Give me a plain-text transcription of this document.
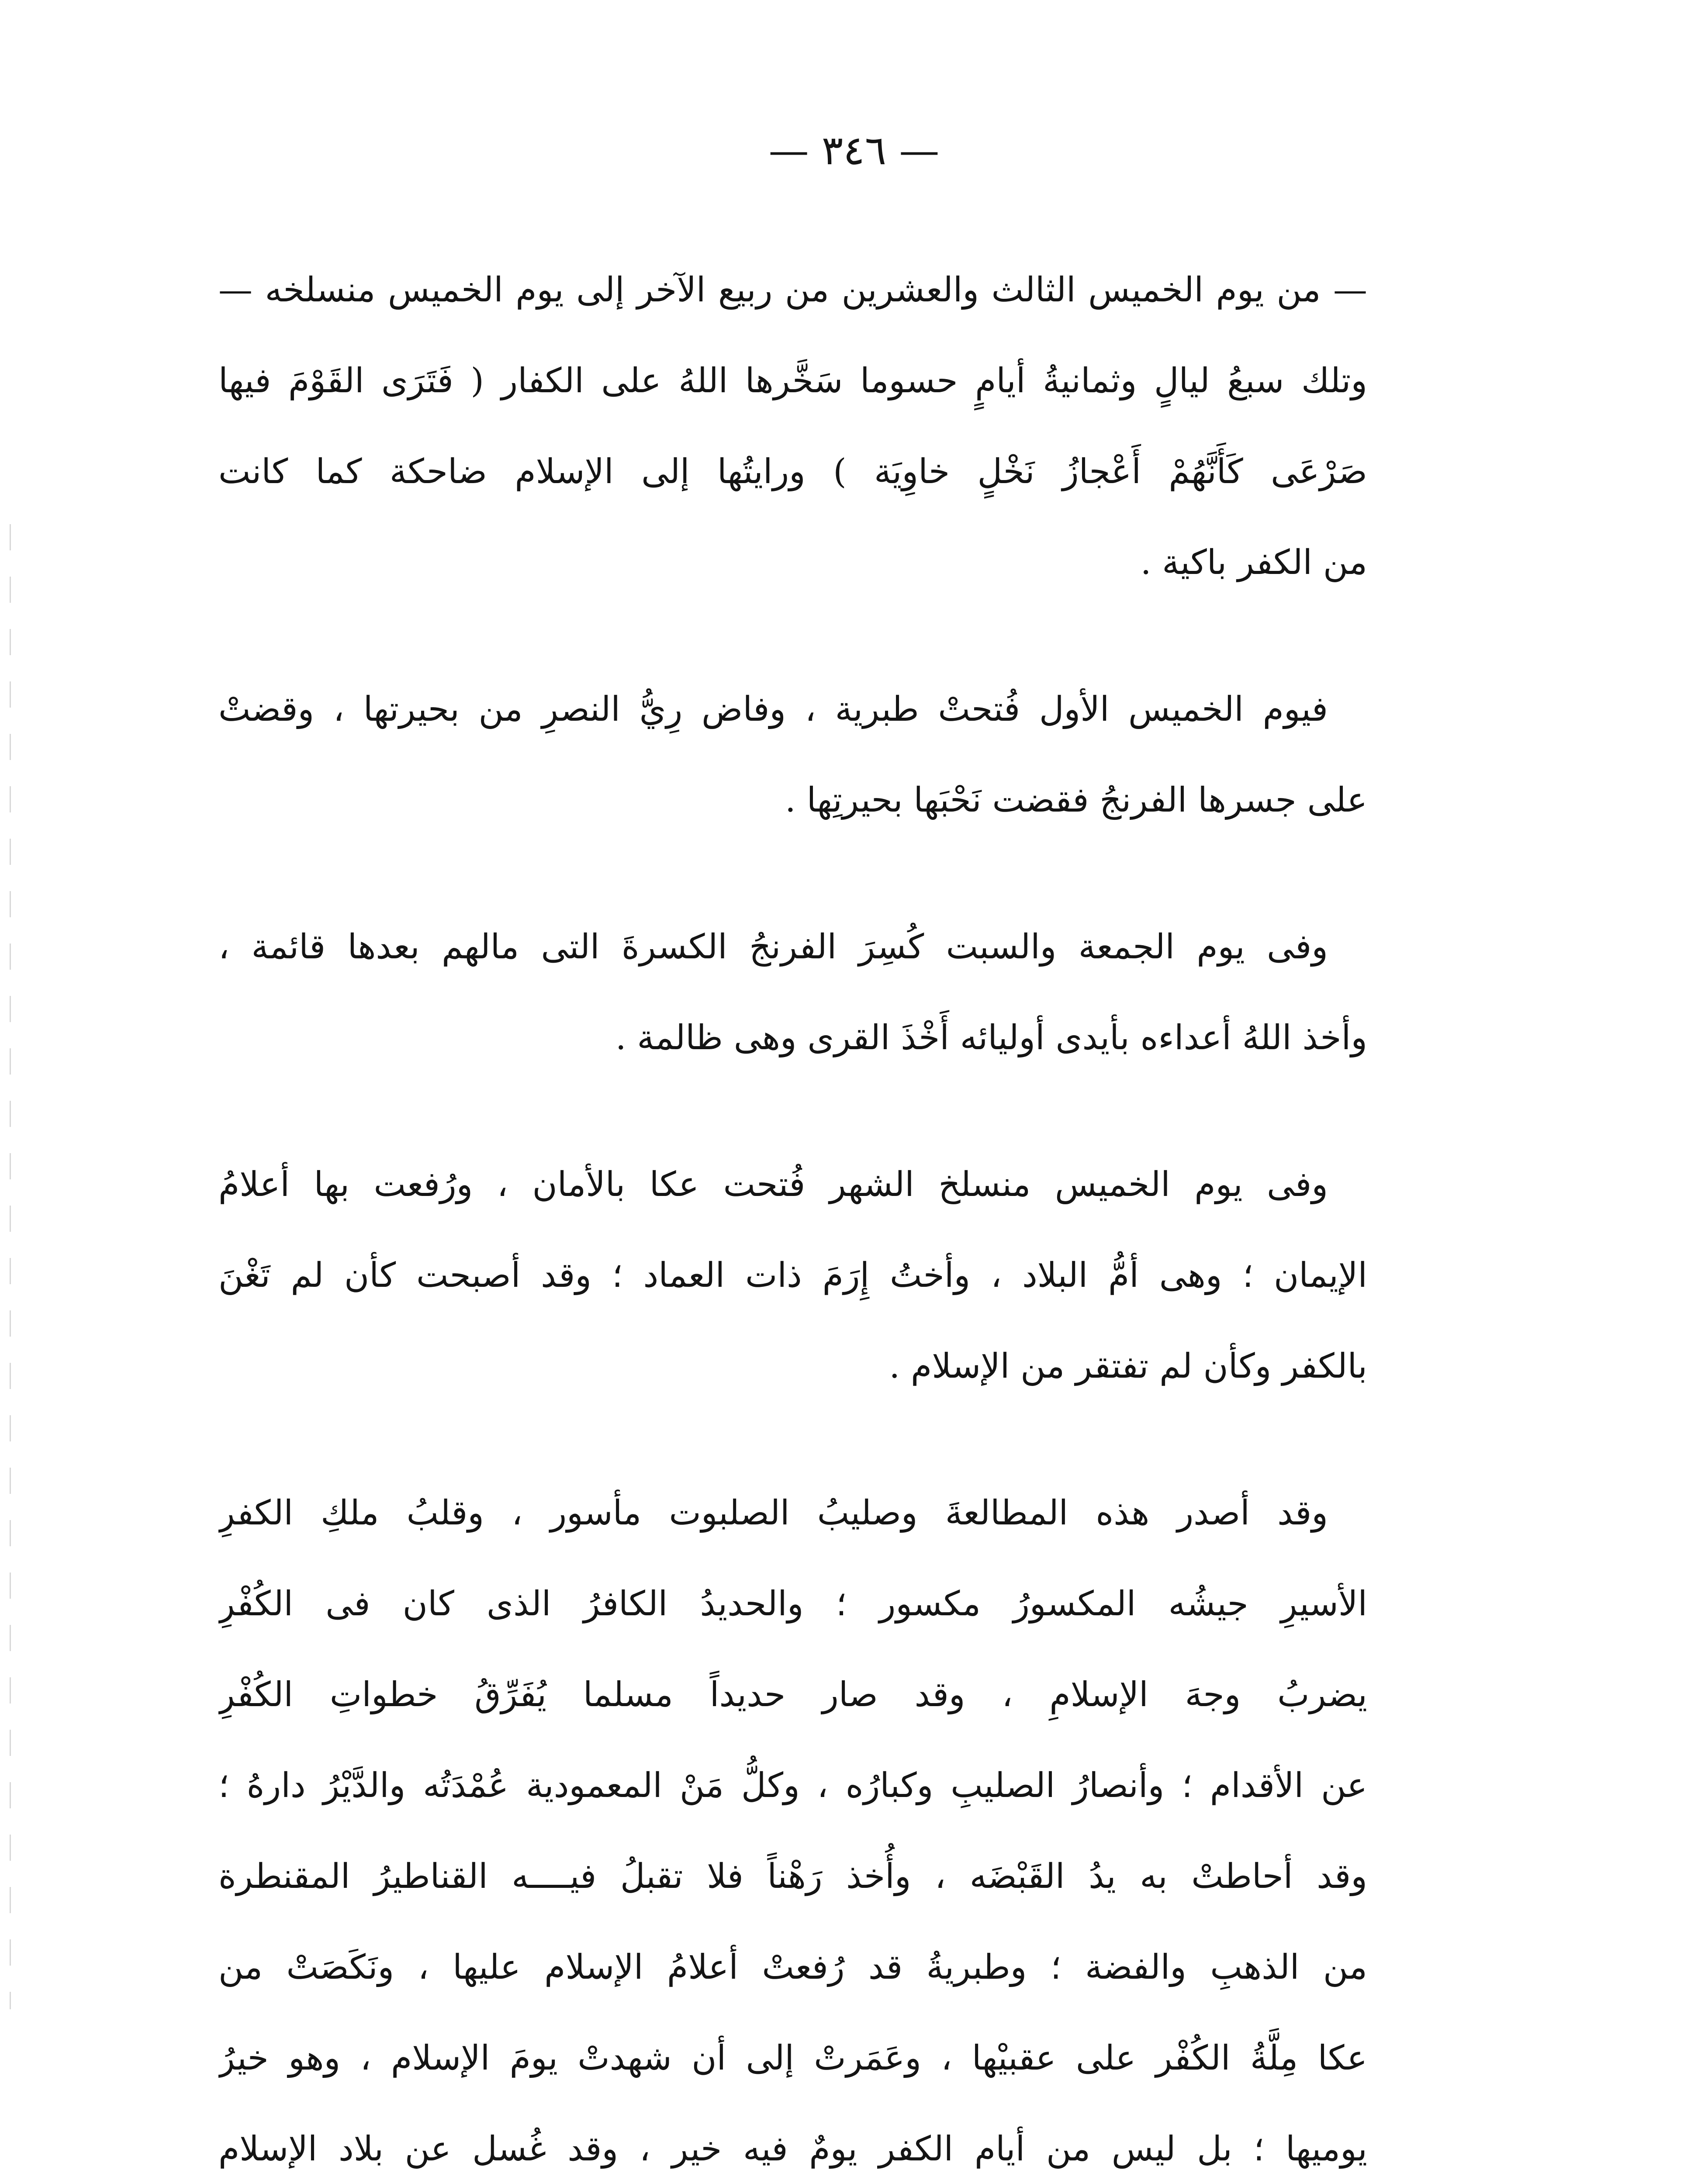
— ٣٤٦ —
— من يوم الخميس الثالث والعشرين من ربيع الآخر إلى يوم الخميس منسلخه —
وتلك سبعُ ليالٍ وثمانيةُ أيامٍ حسوما سَخَّرها اللهُ على الكفار ( فَتَرَى القَوْمَ فيها
صَرْعَى كَأَنَّهُمْ أَعْجازُ نَخْلٍ خاوِيَة ) ورايتُها إلى الإسلام ضاحكة كما كانت
من الكفر باكية .
فيوم الخميس الأول فُتحتْ طبرية ، وفاض رِيُّ النصرِ من بحيرتها ، وقضتْ
على جسرها الفرنجُ فقضت نَحْبَها بحيرتِها .
وفى يوم الجمعة والسبت كُسِرَ الفرنجُ الكسرةَ التى مالهم بعدها قائمة ،
وأخذ اللهُ أعداءه بأيدى أوليائه أَخْذَ القرى وهى ظالمة .
وفى يوم الخميس منسلخ الشهر فُتحت عكا بالأمان ، ورُفعت بها أعلامُ
الإيمان ؛ وهى أمُّ البلاد ، وأختُ إِرَمَ ذات العماد ؛ وقد أصبحت كأن لم تَغْنَ
بالكفر وكأن لم تفتقر من الإسلام .
وقد أصدر هذه المطالعةَ وصليبُ الصلبوت مأسور ، وقلبُ ملكِ الكفرِ
الأسيرِ جيشُه المكسورُ مكسور ؛ والحديدُ الكافرُ الذى كان فى الكُفْرِ
يضربُ وجهَ الإسلامِ ، وقد صار حديداً مسلما يُفَرِّقُ خطواتِ الكُفْرِ
عن الأقدام ؛ وأنصارُ الصليبِ وكبارُه ، وكلُّ مَنْ المعمودية عُمْدَتُه والدَّيْرُ دارهُ ؛
وقد أحاطتْ به يدُ القَبْضَه ، وأُخذ رَهْناً فلا تقبلُ فيــــه القناطيرُ المقنطرة
من الذهبِ والفضة ؛ وطبريةُ قد رُفعتْ أعلامُ الإسلام عليها ، ونَكَصَتْ من
عكا مِلَّةُ الكُفْر على عقبيْها ، وعَمَرتْ إلى أن شهدتْ يومَ الإسلام ، وهو خيرُ
يوميها ؛ بل ليس من أيام الكفر يومٌ فيه خير ، وقد غُسل عن بلاد الإسلام
